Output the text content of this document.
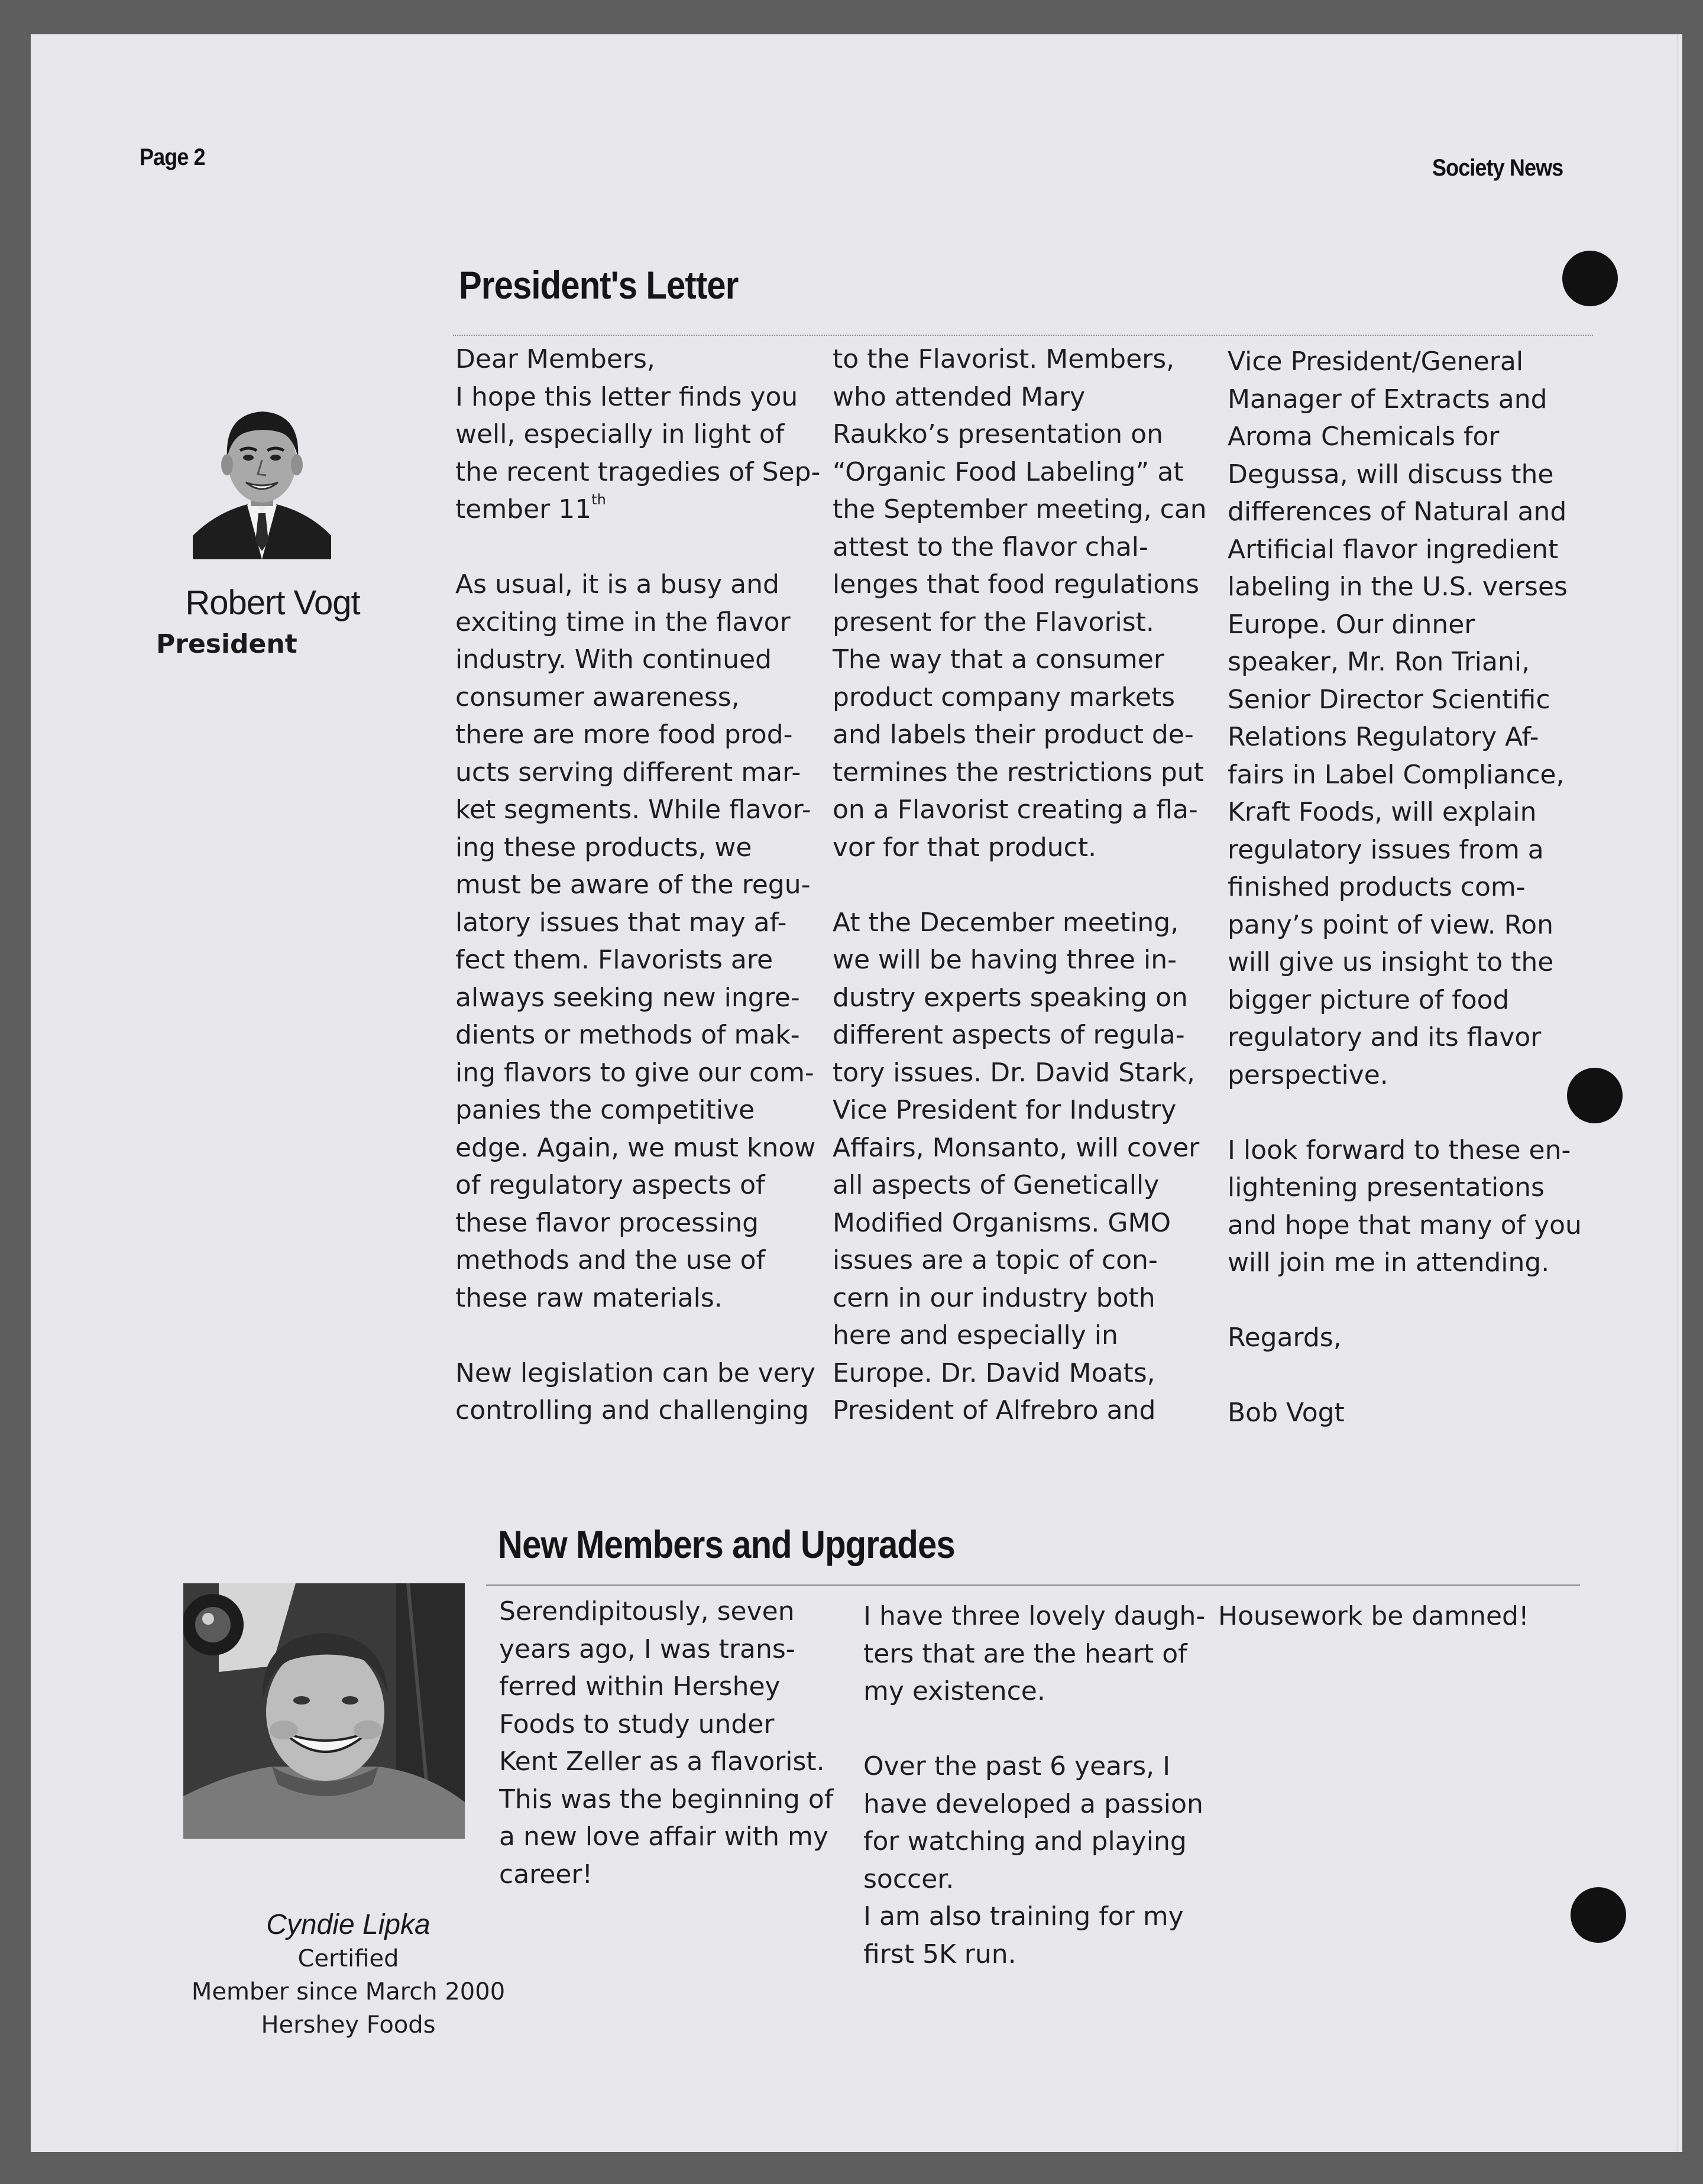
Page 2	Society News
President's Letter
Robert Vogt
President
Dear Members,
I hope this letter finds you
well, especially in light of
the recent tragedies of Sep-
tember 11th
As usual, it is a busy and
exciting time in the flavor
industry. With continued
consumer awareness,
there are more food prod-
ucts serving different mar-
ket segments. While flavor-
ing these products, we
must be aware of the regu-
latory issues that may af-
fect them. Flavorists are
always seeking new ingre-
dients or methods of mak-
ing flavors to give our com-
panies the competitive
edge. Again, we must know
of regulatory aspects of
these flavor processing
methods and the use of
these raw materials.
New legislation can be very
controlling and challenging
to the Flavorist. Members,
who attended Mary
Raukko’s presentation on
“Organic Food Labeling” at
the September meeting, can
attest to the flavor chal-
lenges that food regulations
present for the Flavorist.
The way that a consumer
product company markets
and labels their product de-
termines the restrictions put
on a Flavorist creating a fla-
vor for that product.
At the December meeting,
we will be having three in-
dustry experts speaking on
different aspects of regula-
tory issues. Dr. David Stark,
Vice President for Industry
Affairs, Monsanto, will cover
all aspects of Genetically
Modified Organisms. GMO
issues are a topic of con-
cern in our industry both
here and especially in
Europe. Dr. David Moats,
President of Alfrebro and
Vice President/General
Manager of Extracts and
Aroma Chemicals for
Degussa, will discuss the
differences of Natural and
Artificial flavor ingredient
labeling in the U.S. verses
Europe. Our dinner
speaker, Mr. Ron Triani,
Senior Director Scientific
Relations Regulatory Af-
fairs in Label Compliance,
Kraft Foods, will explain
regulatory issues from a
finished products com-
pany’s point of view. Ron
will give us insight to the
bigger picture of food
regulatory and its flavor
perspective.
I look forward to these en-
lightening presentations
and hope that many of you
will join me in attending.
Regards,
Bob Vogt
New Members and Upgrades
Cyndie Lipka
Certified
Member since March 2000
Hershey Foods
Serendipitously, seven
years ago, I was trans-
ferred within Hershey
Foods to study under
Kent Zeller as a flavorist.
This was the beginning of
a new love affair with my
career!
I have three lovely daugh-
ters that are the heart of
my existence.
Over the past 6 years, I
have developed a passion
for watching and playing
soccer.
I am also training for my
first 5K run.
Housework be damned!
